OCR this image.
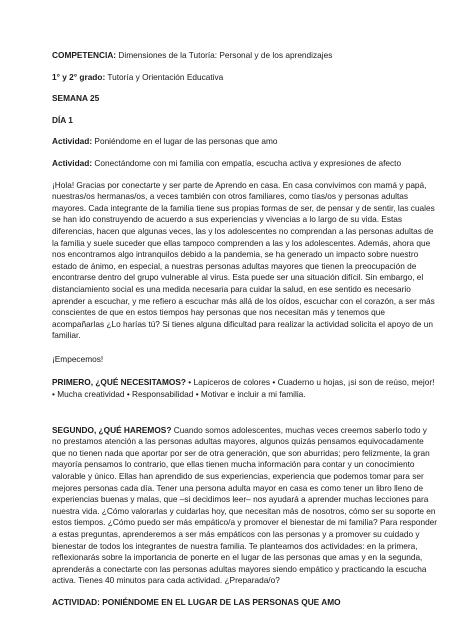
COMPETENCIA: Dimensiones de la Tutoría: Personal y de los aprendizajes

1° y 2° grado: Tutoría y Orientación Educativa

SEMANA 25

DÍA 1

Actividad: Poniéndome en el lugar de las personas que amo

Actividad: Conectándome con mi familia con empatía, escucha activa y expresiones de afecto

¡Hola! Gracias por conectarte y ser parte de Aprendo en casa. En casa convivimos con mamá y papá, nuestras/os hermanas/os, a veces también con otros familiares, como tías/os y personas adultas mayores. Cada integrante de la familia tiene sus propias formas de ser, de pensar y de sentir, las cuales se han ido construyendo de acuerdo a sus experiencias y vivencias a lo largo de su vida. Estas diferencias, hacen que algunas veces, las y los adolescentes no comprendan a las personas adultas de la familia y suele suceder que ellas tampoco comprenden a las y los adolescentes. Además, ahora que nos encontramos algo intranquilos debido a la pandemia, se ha generado un impacto sobre nuestro estado de ánimo, en especial, a nuestras personas adultas mayores que tienen la preocupación de encontrarse dentro del grupo vulnerable al virus. Esta puede ser una situación difícil. Sin embargo, el distanciamiento social es una medida necesaria para cuidar la salud, en ese sentido es necesario aprender a escuchar, y me refiero a escuchar más allá de los oídos, escuchar con el corazón, a ser más conscientes de que en estos tiempos hay personas que nos necesitan más y tenemos que acompañarlas ¿Lo harías tú? Si tienes alguna dificultad para realizar la actividad solicita el apoyo de un familiar.

¡Empecemos!

PRIMERO, ¿QUÉ NECESITAMOS? • Lapiceros de colores • Cuaderno u hojas, ¡si son de reúso, mejor! • Mucha creatividad • Responsabilidad • Motivar e incluir a mi familia.

SEGUNDO, ¿QUÉ HAREMOS? Cuando somos adolescentes, muchas veces creemos saberlo todo y no prestamos atención a las personas adultas mayores, algunos quizás pensamos equivocadamente que no tienen nada que aportar por ser de otra generación, que son aburridas; pero felizmente, la gran mayoría pensamos lo contrario, que ellas tienen mucha información para contar y un conocimiento valorable y único. Ellas han aprendido de sus experiencias, experiencia que podemos tomar para ser mejores personas cada día. Tener una persona adulta mayor en casa es como tener un libro lleno de experiencias buenas y malas, que –si decidimos leer– nos ayudará a aprender muchas lecciones para nuestra vida. ¿Cómo valorarlas y cuidarlas hoy, que necesitan más de nosotros, cómo ser su soporte en estos tiempos. ¿Cómo puedo ser más empático/a y promover el bienestar de mi familia? Para responder a estas preguntas, aprenderemos a ser más empáticos con las personas y a promover su cuidado y bienestar de todos los integrantes de nuestra familia. Te planteamos dos actividades: en la primera, reflexionarás sobre la importancia de ponerte en el lugar de las personas que amas y en la segunda, aprenderás a conectarte con las personas adultas mayores siendo empático y practicando la escucha activa. Tienes 40 minutos para cada actividad. ¿Preparada/o?

ACTIVIDAD: PONIÉNDOME EN EL LUGAR DE LAS PERSONAS QUE AMO
